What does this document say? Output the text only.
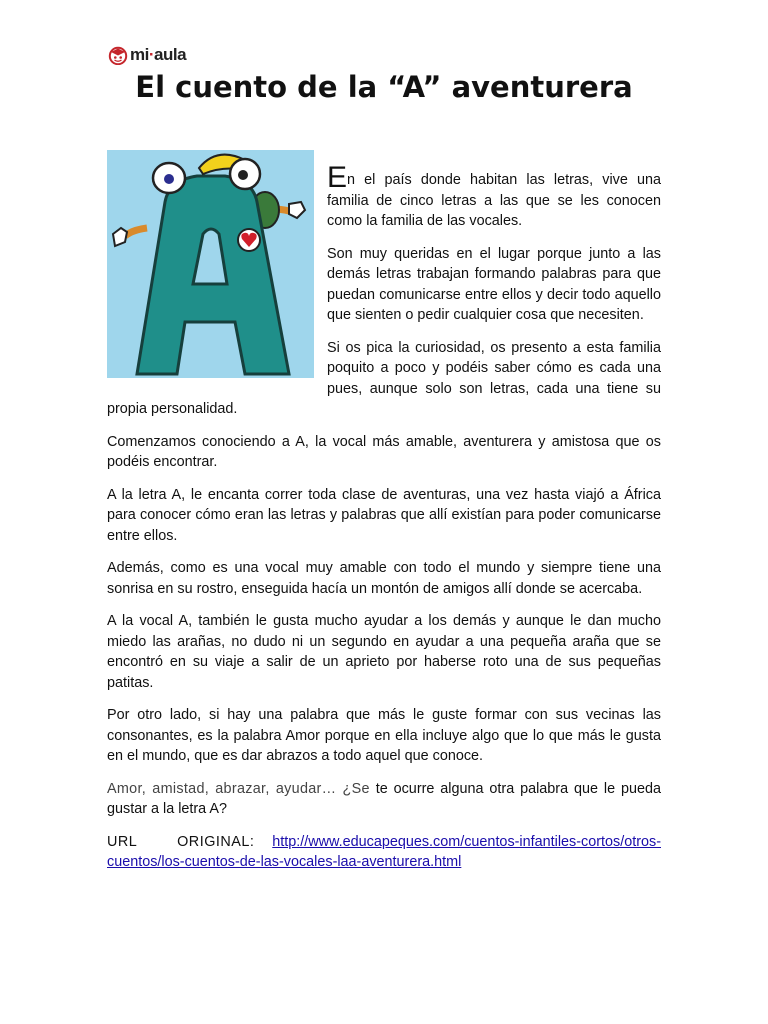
mi·aula
El cuento de la “A” aventurera

En el país donde habitan las letras, vive una familia de cinco letras a las que se les conocen como la familia de las vocales.

Son muy queridas en el lugar porque junto a las demás letras trabajan formando palabras para que puedan comunicarse entre ellos y decir todo aquello que sienten o pedir cualquier cosa que necesiten.

Si os pica la curiosidad, os presento a esta familia poquito a poco y podéis saber cómo es cada una pues, aunque solo son letras, cada una tiene su propia personalidad.

Comenzamos conociendo a A, la vocal más amable, aventurera y amistosa que os podéis encontrar.

A la letra A, le encanta correr toda clase de aventuras, una vez hasta viajó a África para conocer cómo eran las letras y palabras que allí existían para poder comunicarse entre ellos.

Además, como es una vocal muy amable con todo el mundo y siempre tiene una sonrisa en su rostro, enseguida hacía un montón de amigos allí donde se acercaba.

A la vocal A, también le gusta mucho ayudar a los demás y aunque le dan mucho miedo las arañas, no dudo ni un segundo en ayudar a una pequeña araña que se encontró en su viaje a salir de un aprieto por haberse roto una de sus pequeñas patitas.

Por otro lado, si hay una palabra que más le guste formar con sus vecinas las consonantes, es la palabra Amor porque en ella incluye algo que lo que más le gusta en el mundo, que es dar abrazos a todo aquel que conoce.

Amor, amistad, abrazar, ayudar… ¿Se te ocurre alguna otra palabra que le pueda gustar a la letra A?

URL ORIGINAL: http://www.educapeques.com/cuentos-infantiles-cortos/otros-cuentos/los-cuentos-de-las-vocales-laa-aventurera.html
